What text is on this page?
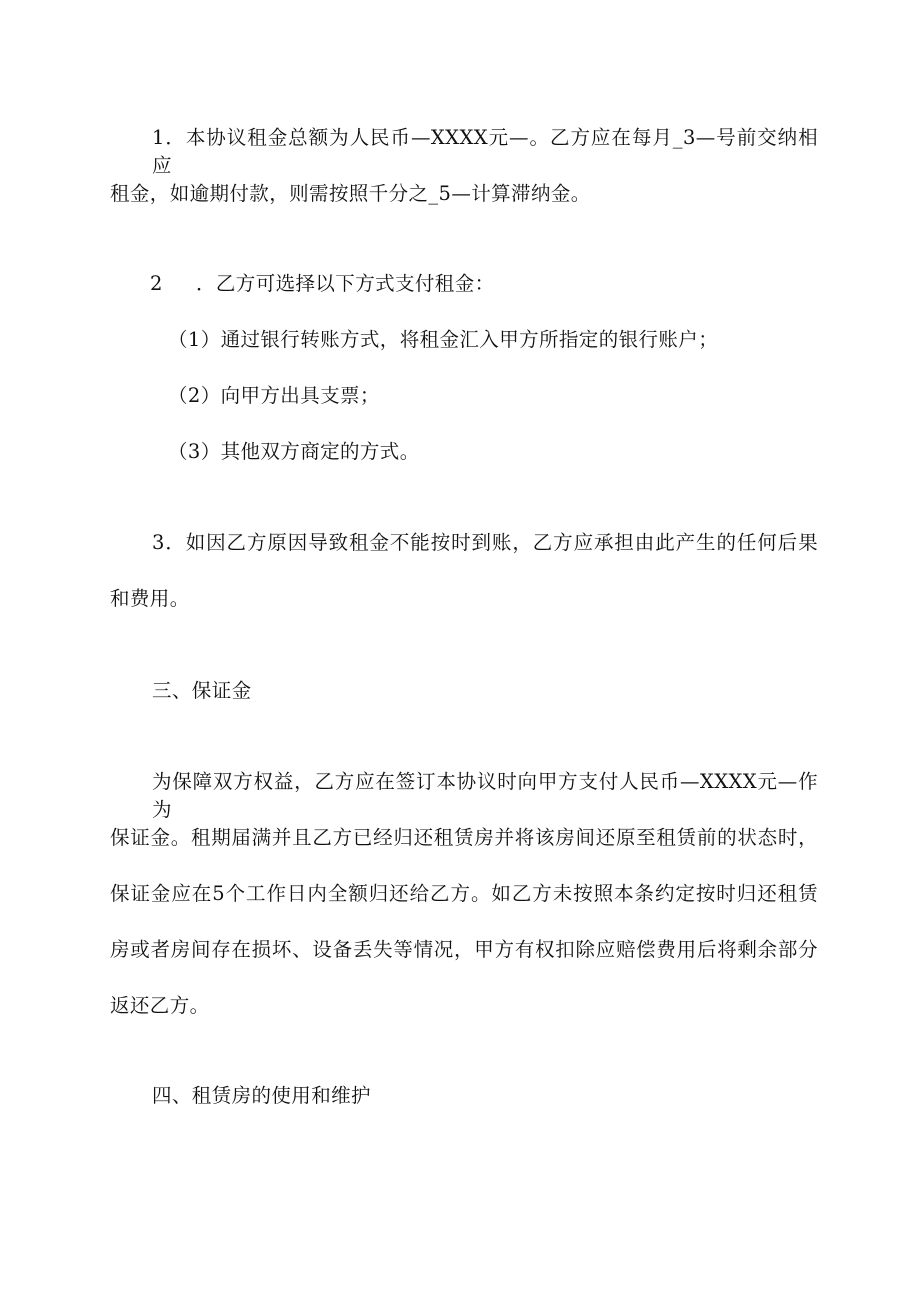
1．本协议租金总额为人民币—XXXX元—。乙方应在每月_3—号前交纳相应
租金，如逾期付款，则需按照千分之_5—计算滞纳金。
2 ．乙方可选择以下方式支付租金：
（1）通过银行转账方式，将租金汇入甲方所指定的银行账户；
（2）向甲方出具支票；
（3）其他双方商定的方式。
3．如因乙方原因导致租金不能按时到账，乙方应承担由此产生的任何后果
和费用。
三、保证金
为保障双方权益，乙方应在签订本协议时向甲方支付人民币—XXXX元—作为
保证金。租期届满并且乙方已经归还租赁房并将该房间还原至租赁前的状态时，
保证金应在5个工作日内全额归还给乙方。如乙方未按照本条约定按时归还租赁
房或者房间存在损坏、设备丢失等情况，甲方有权扣除应赔偿费用后将剩余部分
返还乙方。
四、租赁房的使用和维护
